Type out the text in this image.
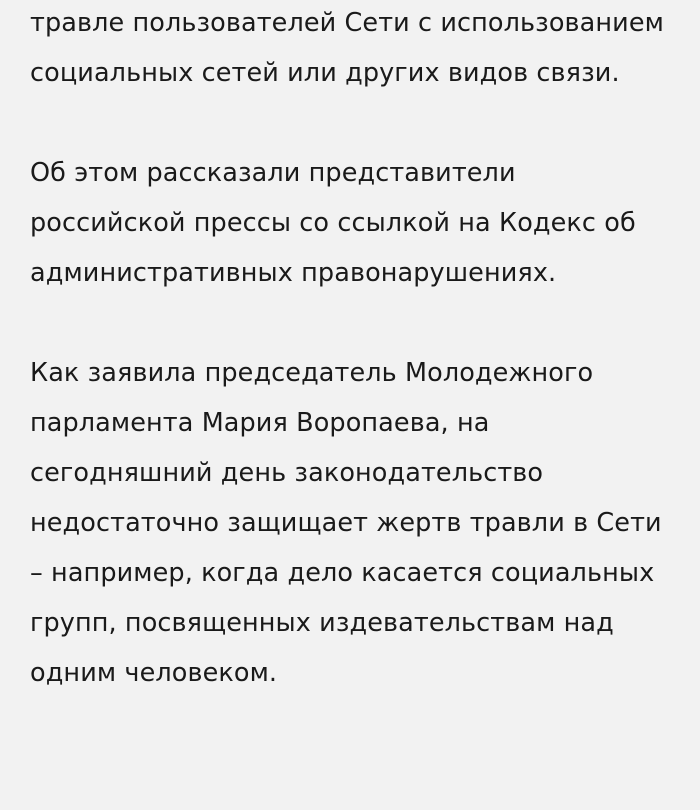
травле пользователей Сети с использованием социальных сетей или других видов связи.

Об этом рассказали представители российской прессы со ссылкой на Кодекс об административных правонарушениях.

Как заявила председатель Молодежного парламента Мария Воропаева, на сегодняшний день законодательство недостаточно защищает жертв травли в Сети – например, когда дело касается социальных групп, посвященных издевательствам над одним человеком.
